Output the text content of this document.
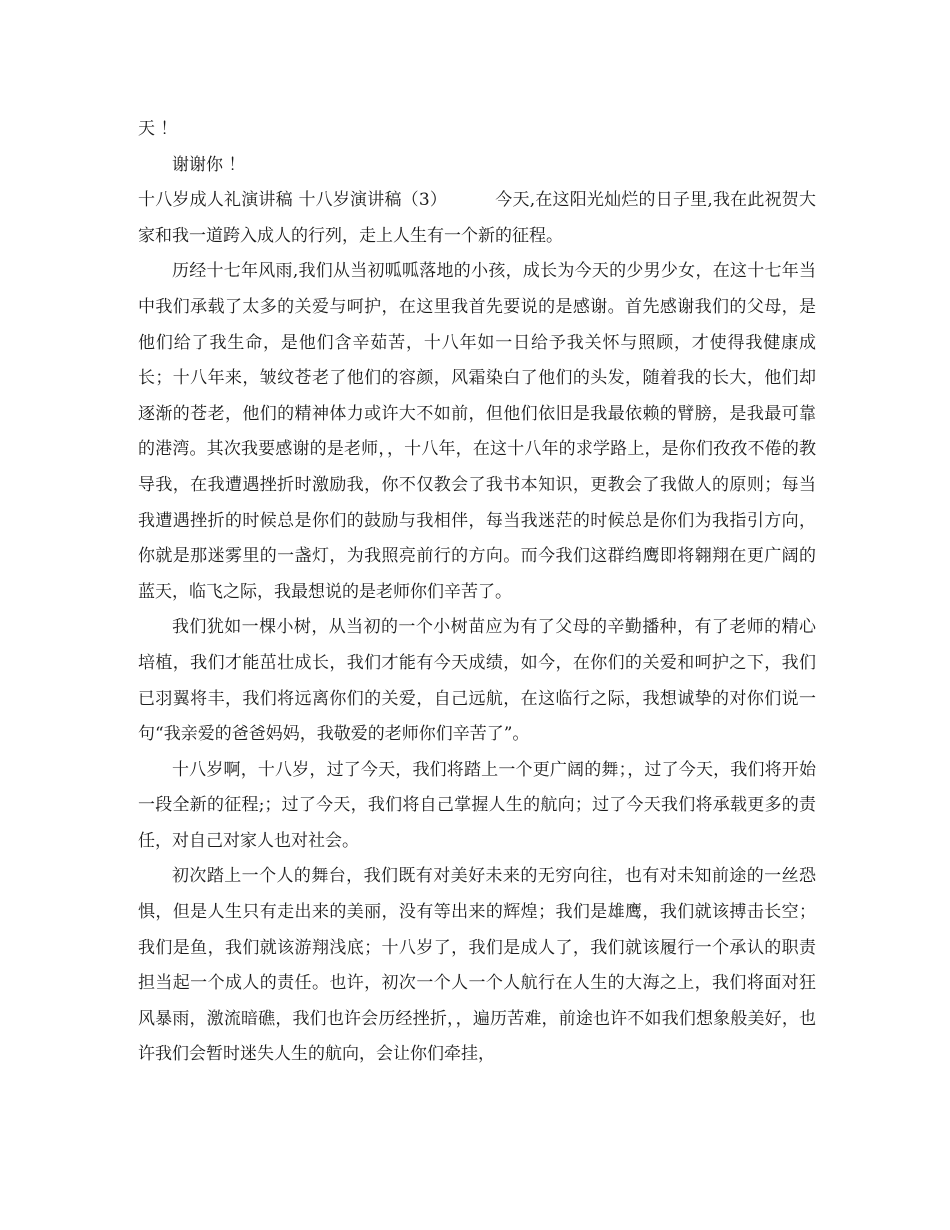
天 ！

谢谢你 ！

十八岁成人礼演讲稿 十八岁演讲稿（3）	今天,在这阳光灿烂的日子里,我在此祝贺大家和我一道跨入成人的行列，走上人生有一个新的征程。

历经十七年风雨,我们从当初呱呱落地的小孩，成长为今天的少男少女，在这十七年当中我们承载了太多的关爱与呵护，在这里我首先要说的是感谢。首先感谢我们的父母，是他们给了我生命，是他们含辛茹苦，十八年如一日给予我关怀与照顾，才使得我健康成长；十八年来，皱纹苍老了他们的容颜，风霜染白了他们的头发，随着我的长大，他们却逐渐的苍老，他们的精神体力或许大不如前，但他们依旧是我最依赖的臂膀，是我最可靠的港湾。其次我要感谢的是老师，，十八年，在这十八年的求学路上，是你们孜孜不倦的教导我，在我遭遇挫折时激励我，你不仅教会了我书本知识，更教会了我做人的原则；每当我遭遇挫折的时候总是你们的鼓励与我相伴，每当我迷茫的时候总是你们为我指引方向，你就是那迷雾里的一盏灯，为我照亮前行的方向。而今我们这群绉鹰即将翱翔在更广阔的蓝天，临飞之际，我最想说的是老师你们辛苦了。

我们犹如一棵小树，从当初的一个小树苗应为有了父母的辛勤播种，有了老师的精心培植，我们才能茁壮成长，我们才能有今天成绩，如今，在你们的关爱和呵护之下，我们已羽翼将丰，我们将远离你们的关爱，自己远航，在这临行之际，我想诚挚的对你们说一句“我亲爱的爸爸妈妈，我敬爱的老师你们辛苦了”。

十八岁啊，十八岁，过了今天，我们将踏上一个更广阔的舞；，过了今天，我们将开始一段全新的征程;；过了今天，我们将自己掌握人生的航向；过了今天我们将承载更多的责任，对自己对家人也对社会。

初次踏上一个人的舞台，我们既有对美好未来的无穷向往，也有对未知前途的一丝恐惧，但是人生只有走出来的美丽，没有等出来的辉煌；我们是雄鹰，我们就该搏击长空；我们是鱼，我们就该游翔浅底；十八岁了，我们是成人了，我们就该履行一个承认的职责担当起一个成人的责任。也许，初次一个人一个人航行在人生的大海之上，我们将面对狂风暴雨，激流暗礁，我们也许会历经挫折，，遍历苦难，前途也许不如我们想象般美好，也许我们会暂时迷失人生的航向，会让你们牵挂，
